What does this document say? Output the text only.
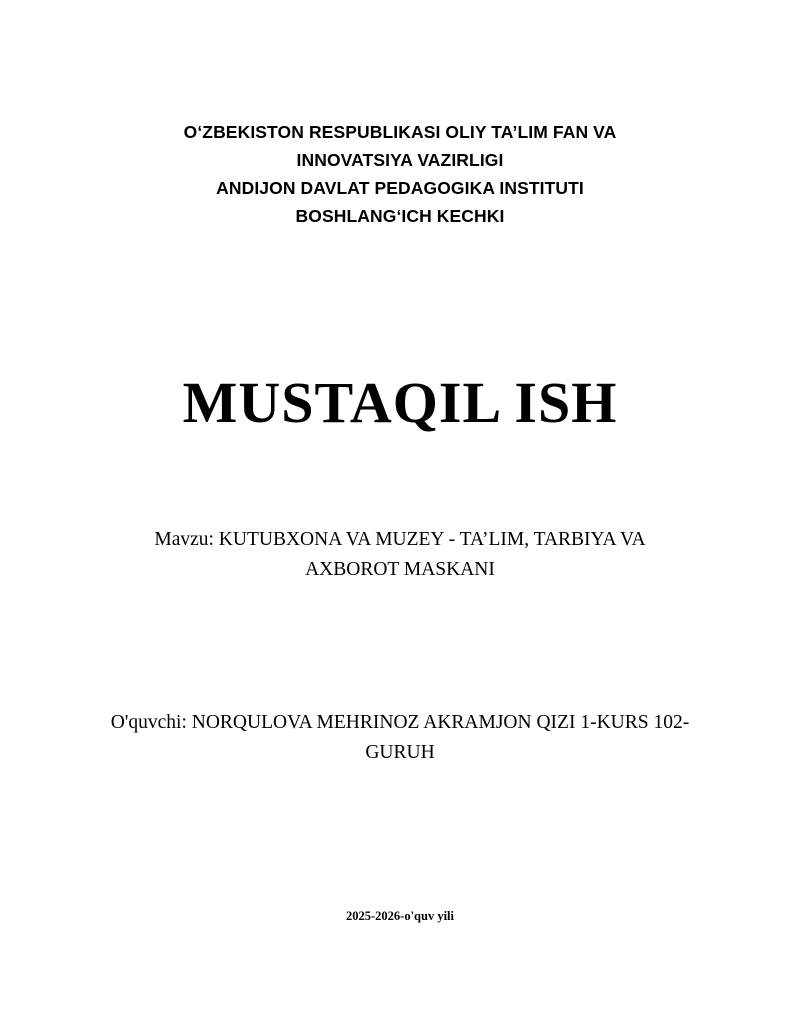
O‘ZBEKISTON RESPUBLIKASI OLIY TA’LIM FAN VA
INNOVATSIYA VAZIRLIGI
ANDIJON DAVLAT PEDAGOGIKA INSTITUTI
BOSHLANG‘ICH KECHKI
MUSTAQIL ISH
Mavzu: KUTUBXONA VA MUZEY - TA’LIM, TARBIYA VA
AXBOROT MASKANI
O'quvchi: NORQULOVA MEHRINOZ AKRAMJON QIZI 1-KURS 102-
GURUH
2025-2026-o'quv yili
